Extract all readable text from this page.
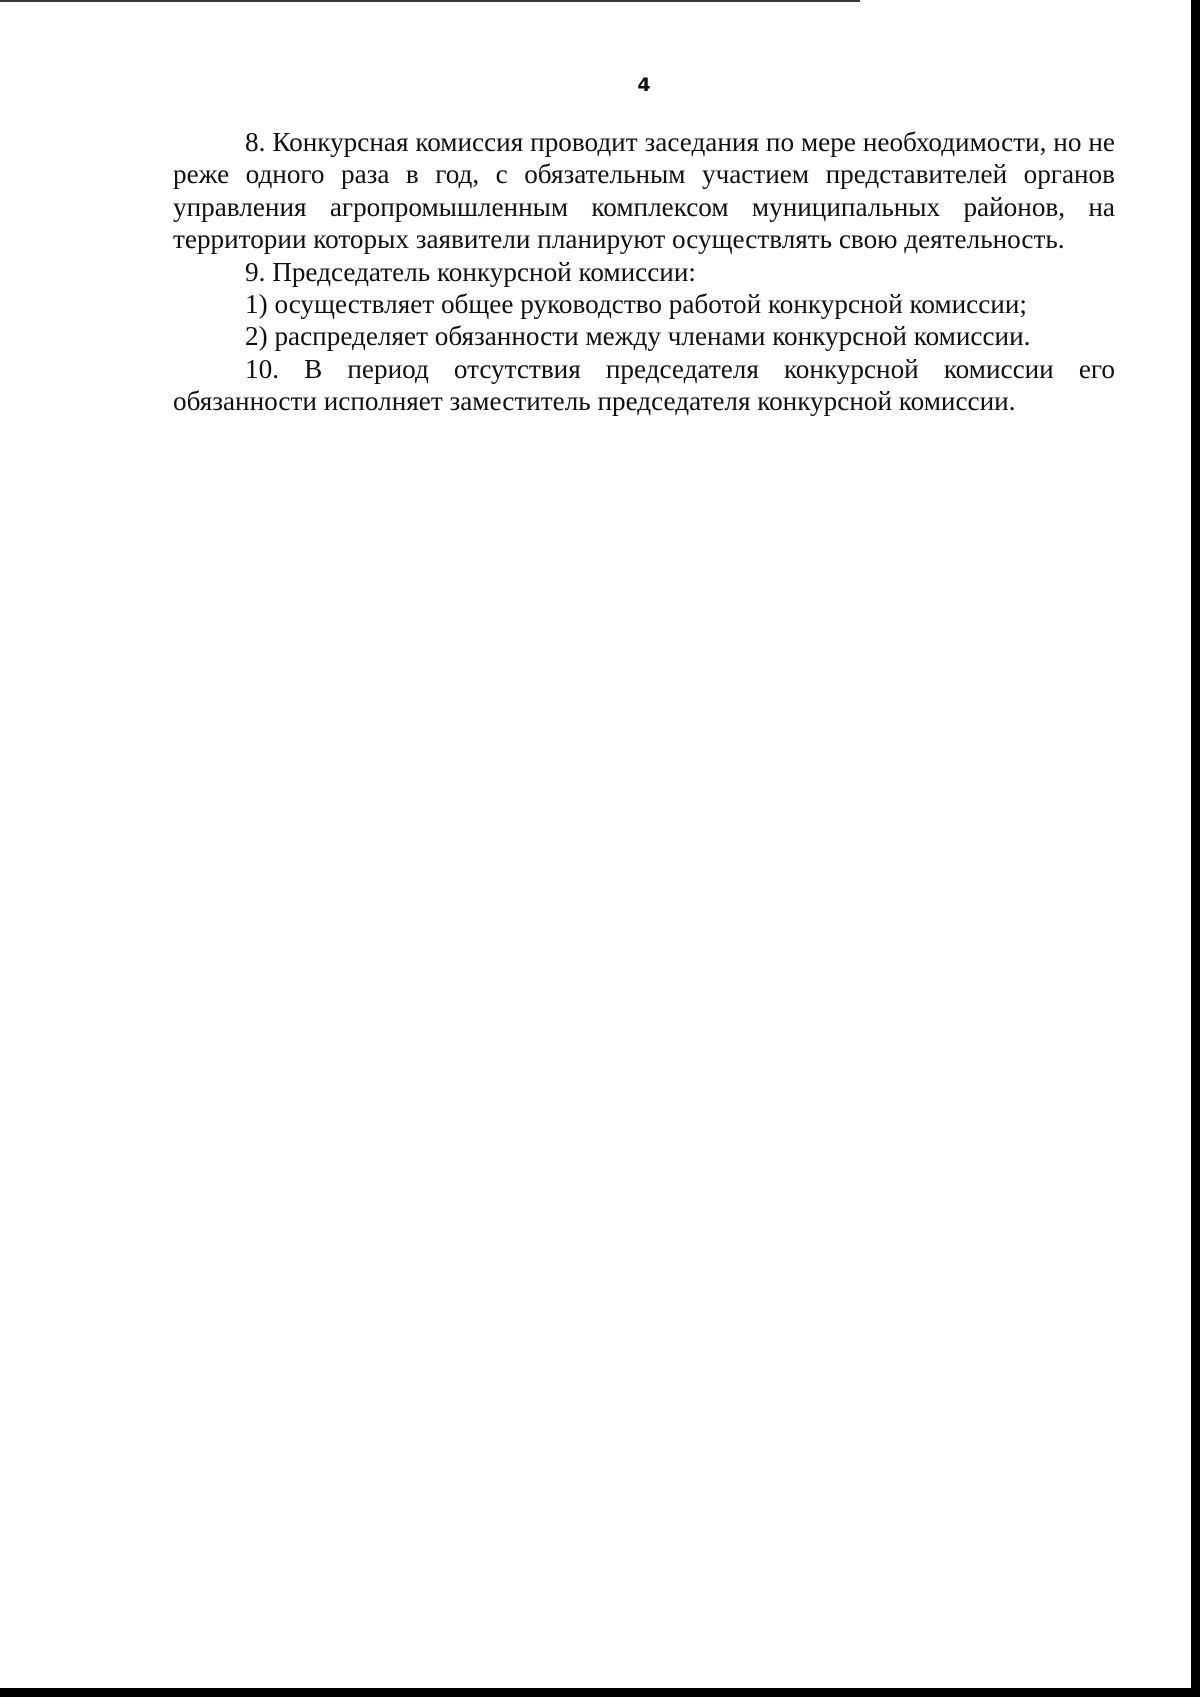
4

8. Конкурсная комиссия проводит заседания по мере необходимости, но не реже одного раза в год, с обязательным участием представителей органов управления агропромышленным комплексом муниципальных районов, на территории которых заявители планируют осуществлять свою деятельность.

9. Председатель конкурсной комиссии:

1) осуществляет общее руководство работой конкурсной комиссии;

2) распределяет обязанности между членами конкурсной комиссии.

10. В период отсутствия председателя конкурсной комиссии его обязанности исполняет заместитель председателя конкурсной комиссии.
